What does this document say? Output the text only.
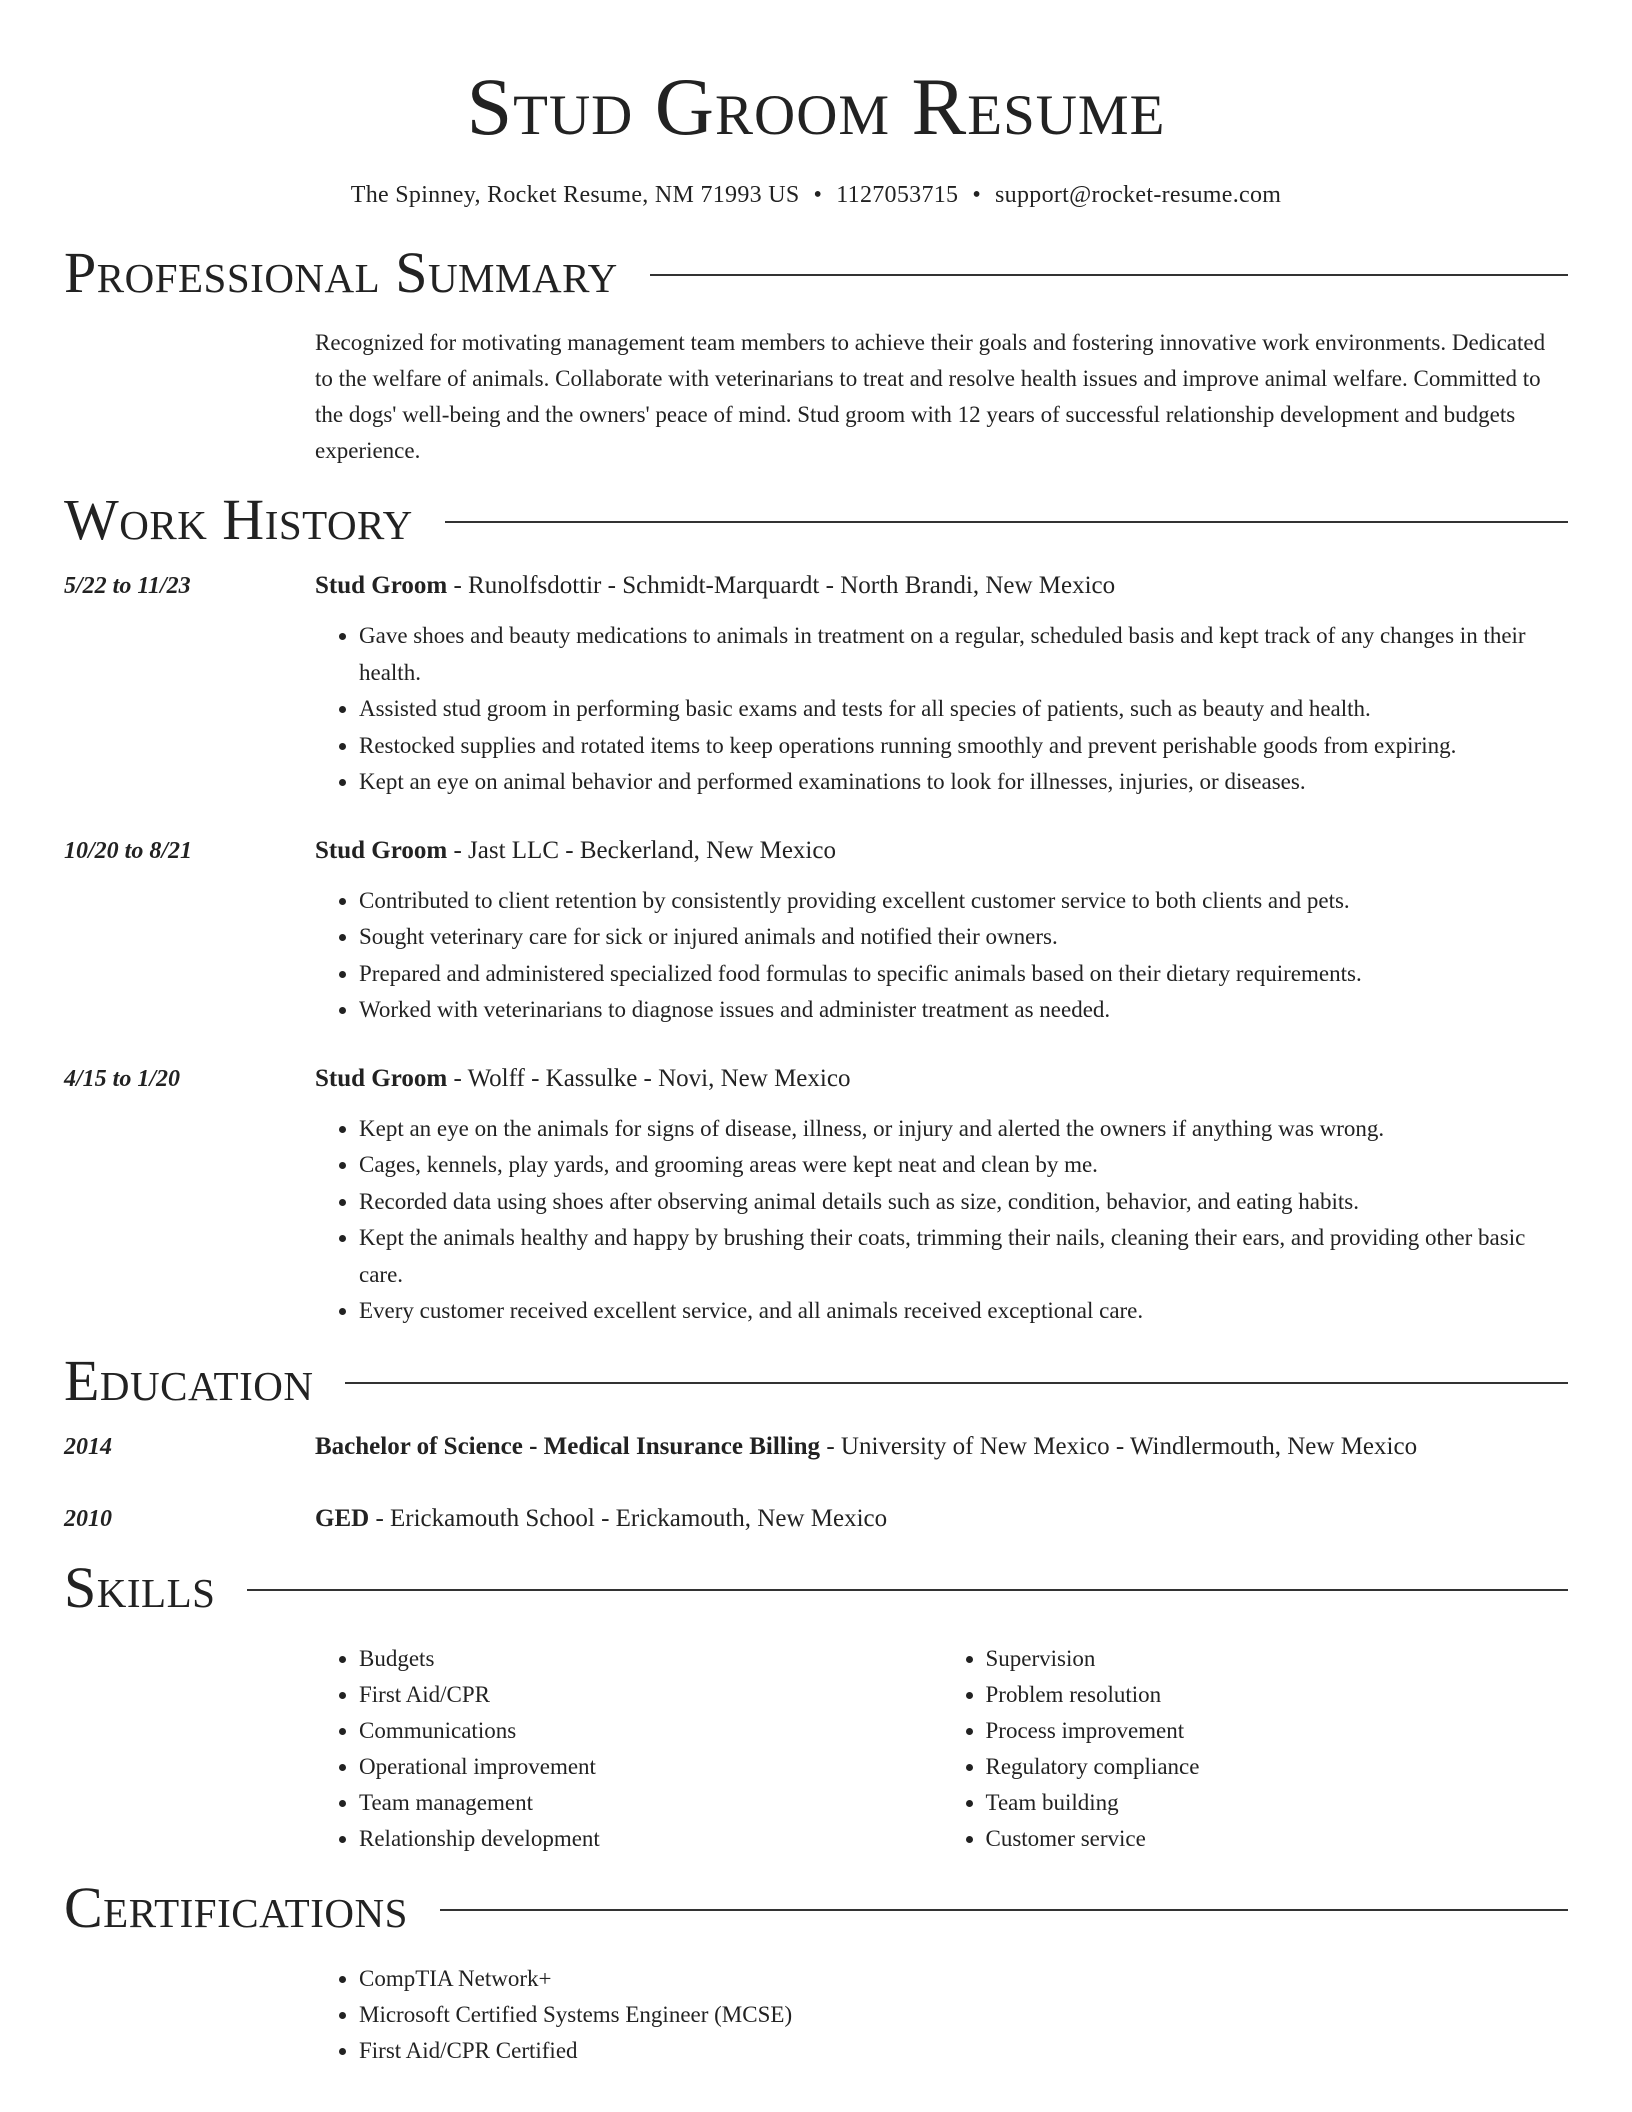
Stud Groom Resume
The Spinney, Rocket Resume, NM 71993 US • 1127053715 • support@rocket-resume.com
Professional Summary
Recognized for motivating management team members to achieve their goals and fostering innovative work environments. Dedicated to the welfare of animals. Collaborate with veterinarians to treat and resolve health issues and improve animal welfare. Committed to the dogs' well-being and the owners' peace of mind. Stud groom with 12 years of successful relationship development and budgets experience.
Work History
5/22 to 11/23	Stud Groom - Runolfsdottir - Schmidt-Marquardt - North Brandi, New Mexico
• Gave shoes and beauty medications to animals in treatment on a regular, scheduled basis and kept track of any changes in their health.
• Assisted stud groom in performing basic exams and tests for all species of patients, such as beauty and health.
• Restocked supplies and rotated items to keep operations running smoothly and prevent perishable goods from expiring.
• Kept an eye on animal behavior and performed examinations to look for illnesses, injuries, or diseases.
10/20 to 8/21	Stud Groom - Jast LLC - Beckerland, New Mexico
• Contributed to client retention by consistently providing excellent customer service to both clients and pets.
• Sought veterinary care for sick or injured animals and notified their owners.
• Prepared and administered specialized food formulas to specific animals based on their dietary requirements.
• Worked with veterinarians to diagnose issues and administer treatment as needed.
4/15 to 1/20	Stud Groom - Wolff - Kassulke - Novi, New Mexico
• Kept an eye on the animals for signs of disease, illness, or injury and alerted the owners if anything was wrong.
• Cages, kennels, play yards, and grooming areas were kept neat and clean by me.
• Recorded data using shoes after observing animal details such as size, condition, behavior, and eating habits.
• Kept the animals healthy and happy by brushing their coats, trimming their nails, cleaning their ears, and providing other basic care.
• Every customer received excellent service, and all animals received exceptional care.
Education
2014	Bachelor of Science - Medical Insurance Billing - University of New Mexico - Windlermouth, New Mexico
2010	GED - Erickamouth School - Erickamouth, New Mexico
Skills
• Budgets
• First Aid/CPR
• Communications
• Operational improvement
• Team management
• Relationship development
• Supervision
• Problem resolution
• Process improvement
• Regulatory compliance
• Team building
• Customer service
Certifications
• CompTIA Network+
• Microsoft Certified Systems Engineer (MCSE)
• First Aid/CPR Certified
